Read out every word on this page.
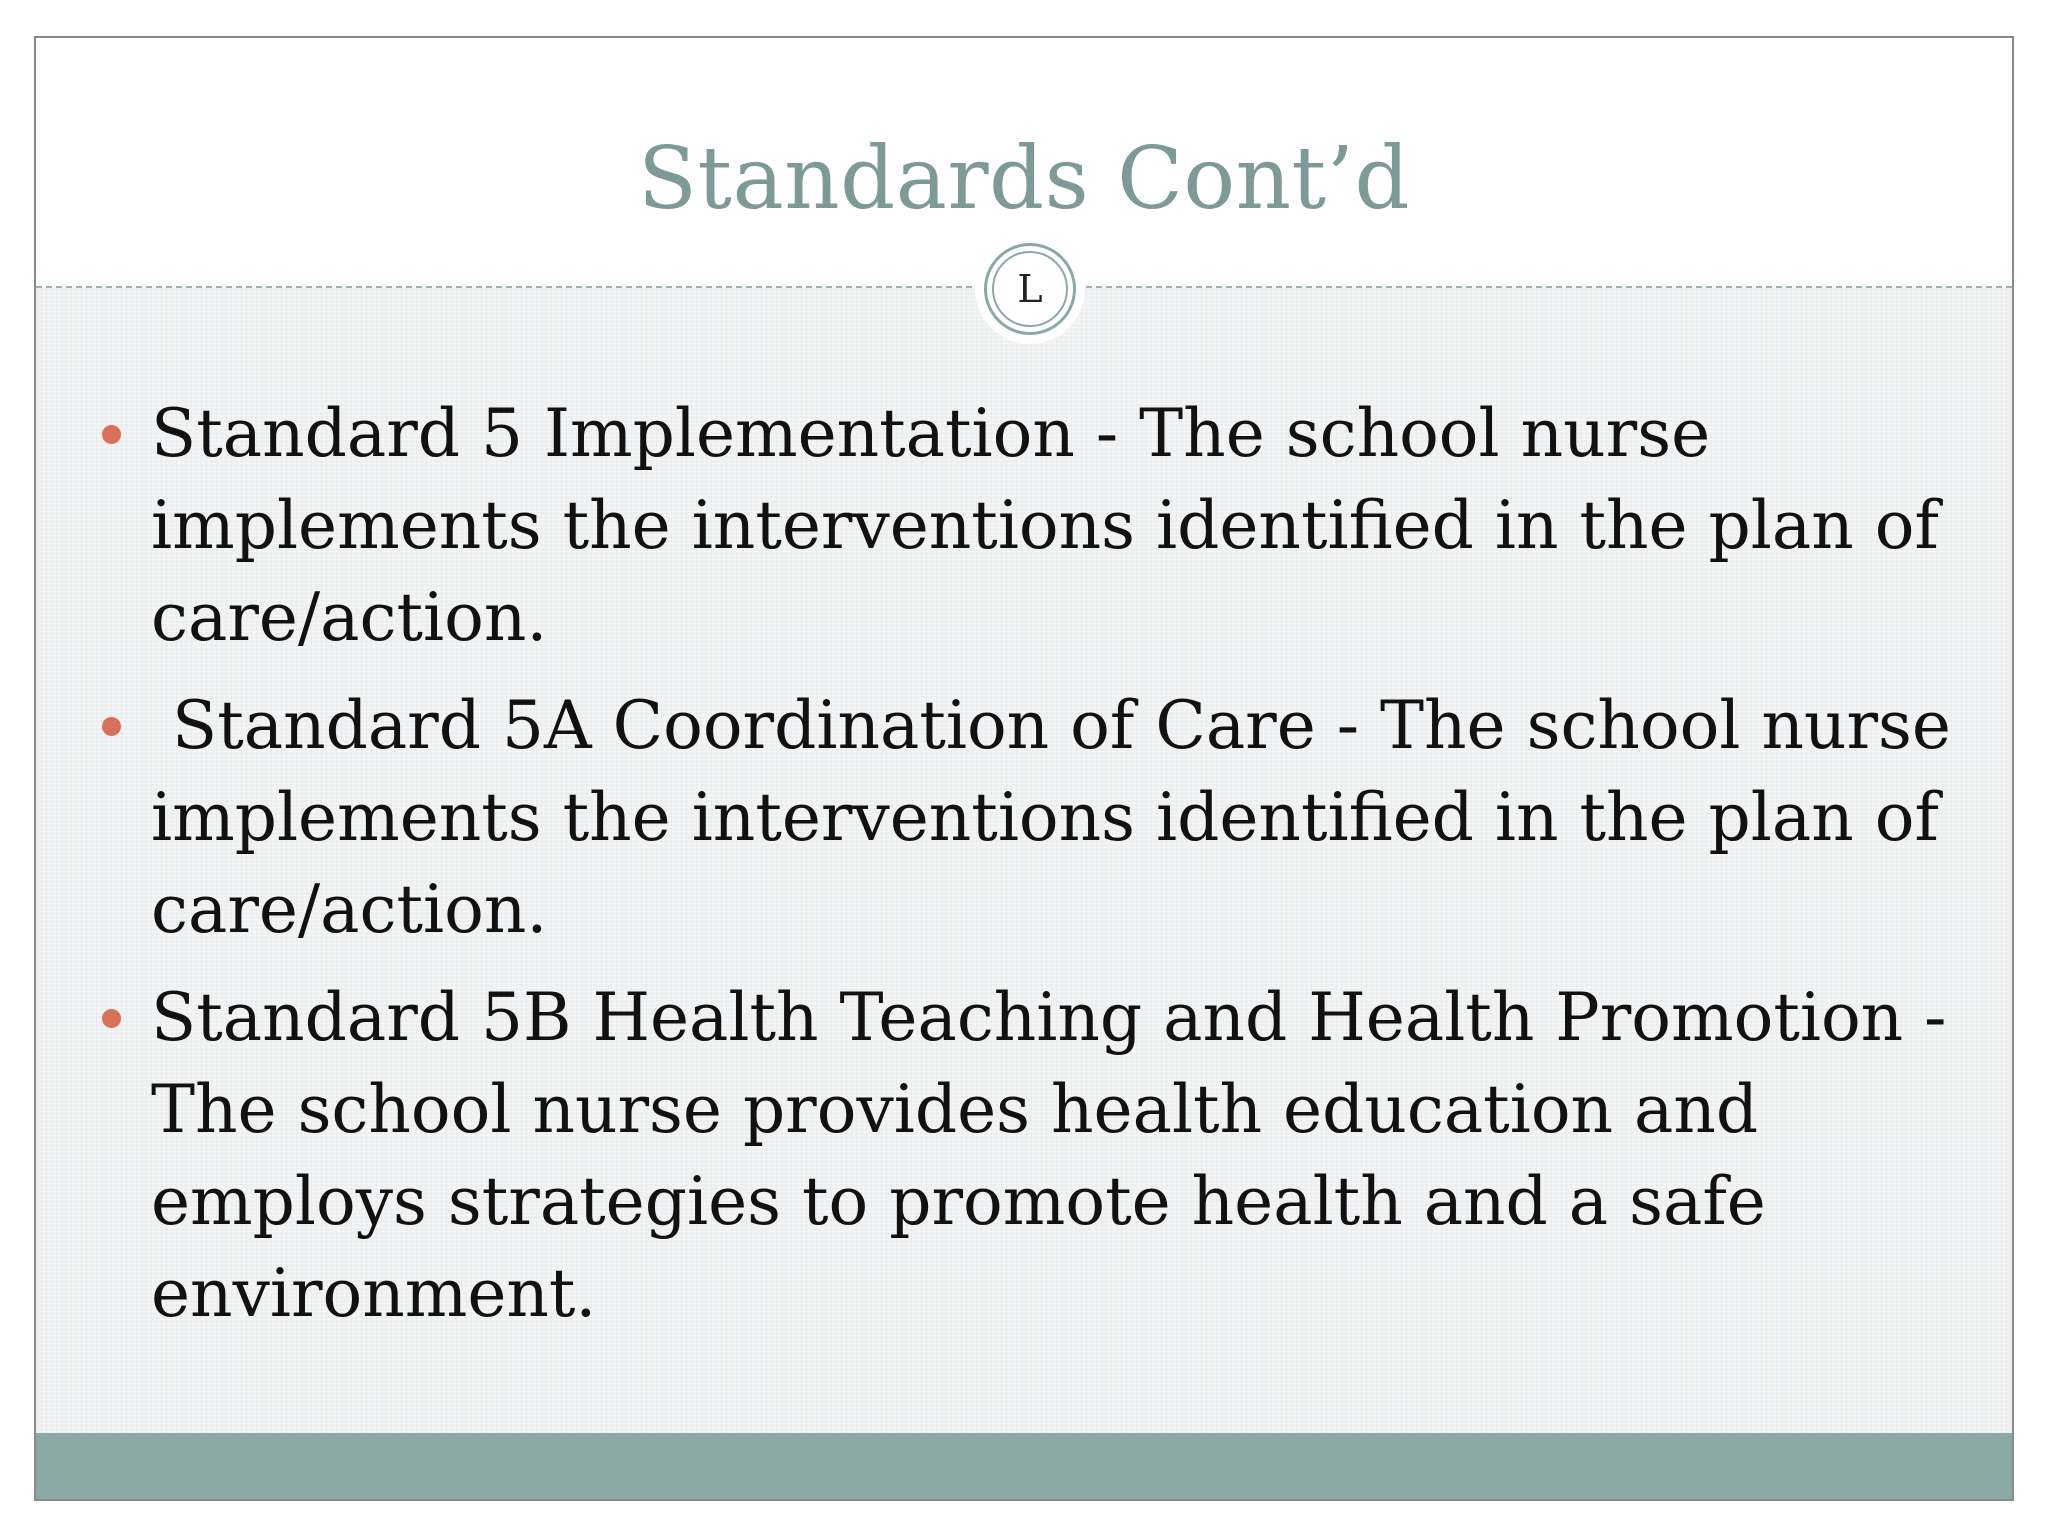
Standards Cont’d
L
Standard 5 Implementation - The school nurse implements the interventions identified in the plan of care/action.
Standard 5A Coordination of Care - The school nurse implements the interventions identified in the plan of care/action.
Standard 5B Health Teaching and Health Promotion - The school nurse provides health education and employs strategies to promote health and a safe environment.
